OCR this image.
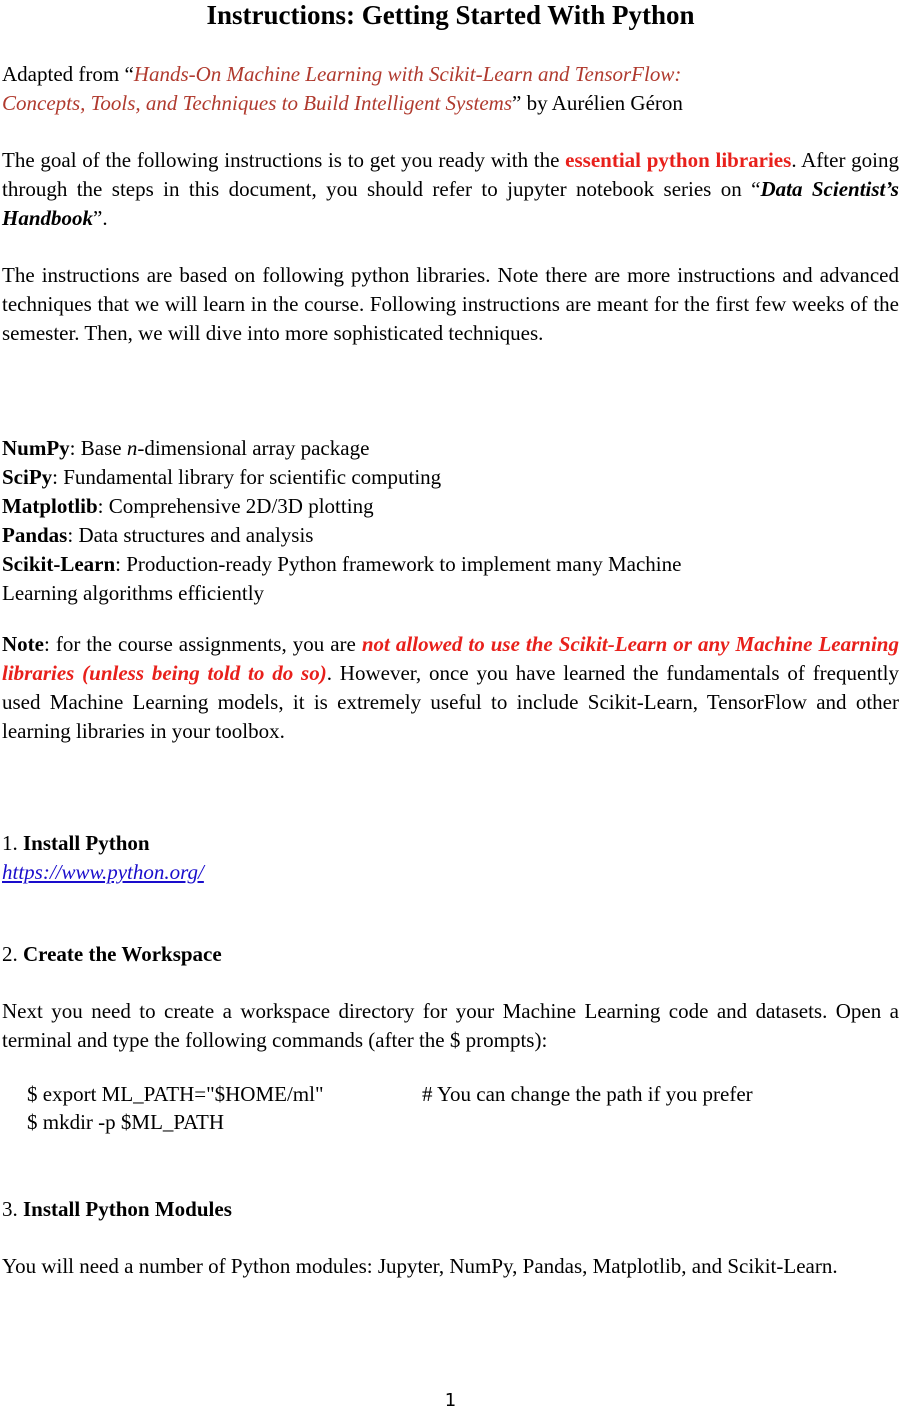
Instructions: Getting Started With Python

Adapted from “Hands-On Machine Learning with Scikit-Learn and TensorFlow:

Concepts, Tools, and Techniques to Build Intelligent Systems” by Aurélien Géron

The goal of the following instructions is to get you ready with the essential python libraries. After going through the steps in this document, you should refer to jupyter notebook series on “Data Scientist’s Handbook”.

The instructions are based on following python libraries. Note there are more instructions and advanced techniques that we will learn in the course. Following instructions are meant for the first few weeks of the semester. Then, we will dive into more sophisticated techniques.

NumPy: Base n-dimensional array package

SciPy: Fundamental library for scientific computing

Matplotlib: Comprehensive 2D/3D plotting

Pandas: Data structures and analysis

Scikit-Learn: Production-ready Python framework to implement many Machine

Learning algorithms efficiently

Note: for the course assignments, you are not allowed to use the Scikit-Learn or any Machine Learning libraries (unless being told to do so). However, once you have learned the fundamentals of frequently used Machine Learning models, it is extremely useful to include Scikit-Learn, TensorFlow and other learning libraries in your toolbox.

1. Install Python

https://www.python.org/

2. Create the Workspace

Next you need to create a workspace directory for your Machine Learning code and datasets. Open a terminal and type the following commands (after the $ prompts):

$ export ML_PATH="$HOME/ml"	# You can change the path if you prefer
$ mkdir -p $ML_PATH

3. Install Python Modules

You will need a number of Python modules: Jupyter, NumPy, Pandas, Matplotlib, and Scikit-Learn.

1
